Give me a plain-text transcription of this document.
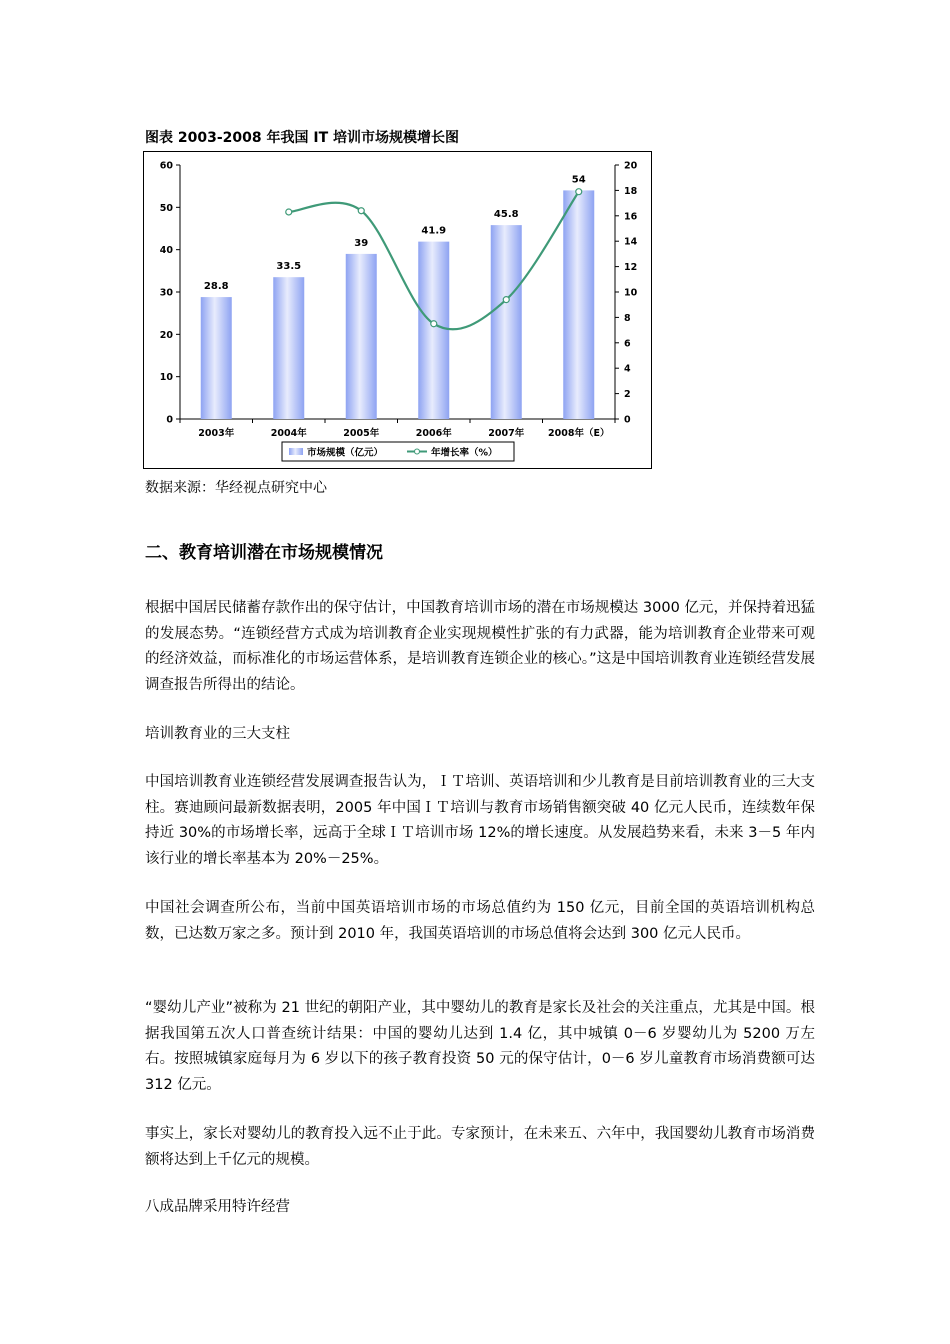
图表 2003-2008 年我国 IT 培训市场规模增长图
0
10
20
30
40
50
60
0
2
4
6
8
10
12
14
16
18
20
2003年	2004年	2005年	2006年	2007年	2008年（E）
28.8
33.5
39
41.9
45.8
54
市场规模（亿元）	年增长率（%）
数据来源：华经视点研究中心
二、教育培训潜在市场规模情况

根据中国居民储蓄存款作出的保守估计，中国教育培训市场的潜在市场规模达 3000 亿元，并保持着迅猛的发展态势。“连锁经营方式成为培训教育企业实现规模性扩张的有力武器，能为培训教育企业带来可观的经济效益，而标准化的市场运营体系，是培训教育连锁企业的核心。”这是中国培训教育业连锁经营发展调查报告所得出的结论。

培训教育业的三大支柱

中国培训教育业连锁经营发展调查报告认为，ＩＴ培训、英语培训和少儿教育是目前培训教育业的三大支柱。赛迪顾问最新数据表明，2005 年中国ＩＴ培训与教育市场销售额突破 40 亿元人民币，连续数年保持近 30%的市场增长率，远高于全球ＩＴ培训市场 12%的增长速度。从发展趋势来看，未来 3－5 年内该行业的增长率基本为 20%－25%。

中国社会调查所公布，当前中国英语培训市场的市场总值约为 150 亿元，目前全国的英语培训机构总数，已达数万家之多。预计到 2010 年，我国英语培训的市场总值将会达到 300 亿元人民币。

“婴幼儿产业”被称为 21 世纪的朝阳产业，其中婴幼儿的教育是家长及社会的关注重点，尤其是中国。根据我国第五次人口普查统计结果：中国的婴幼儿达到 1.4 亿，其中城镇 0－6 岁婴幼儿为 5200 万左右。按照城镇家庭每月为 6 岁以下的孩子教育投资 50 元的保守估计，0－6 岁儿童教育市场消费额可达 312 亿元。

事实上，家长对婴幼儿的教育投入远不止于此。专家预计，在未来五、六年中，我国婴幼儿教育市场消费额将达到上千亿元的规模。

八成品牌采用特许经营
